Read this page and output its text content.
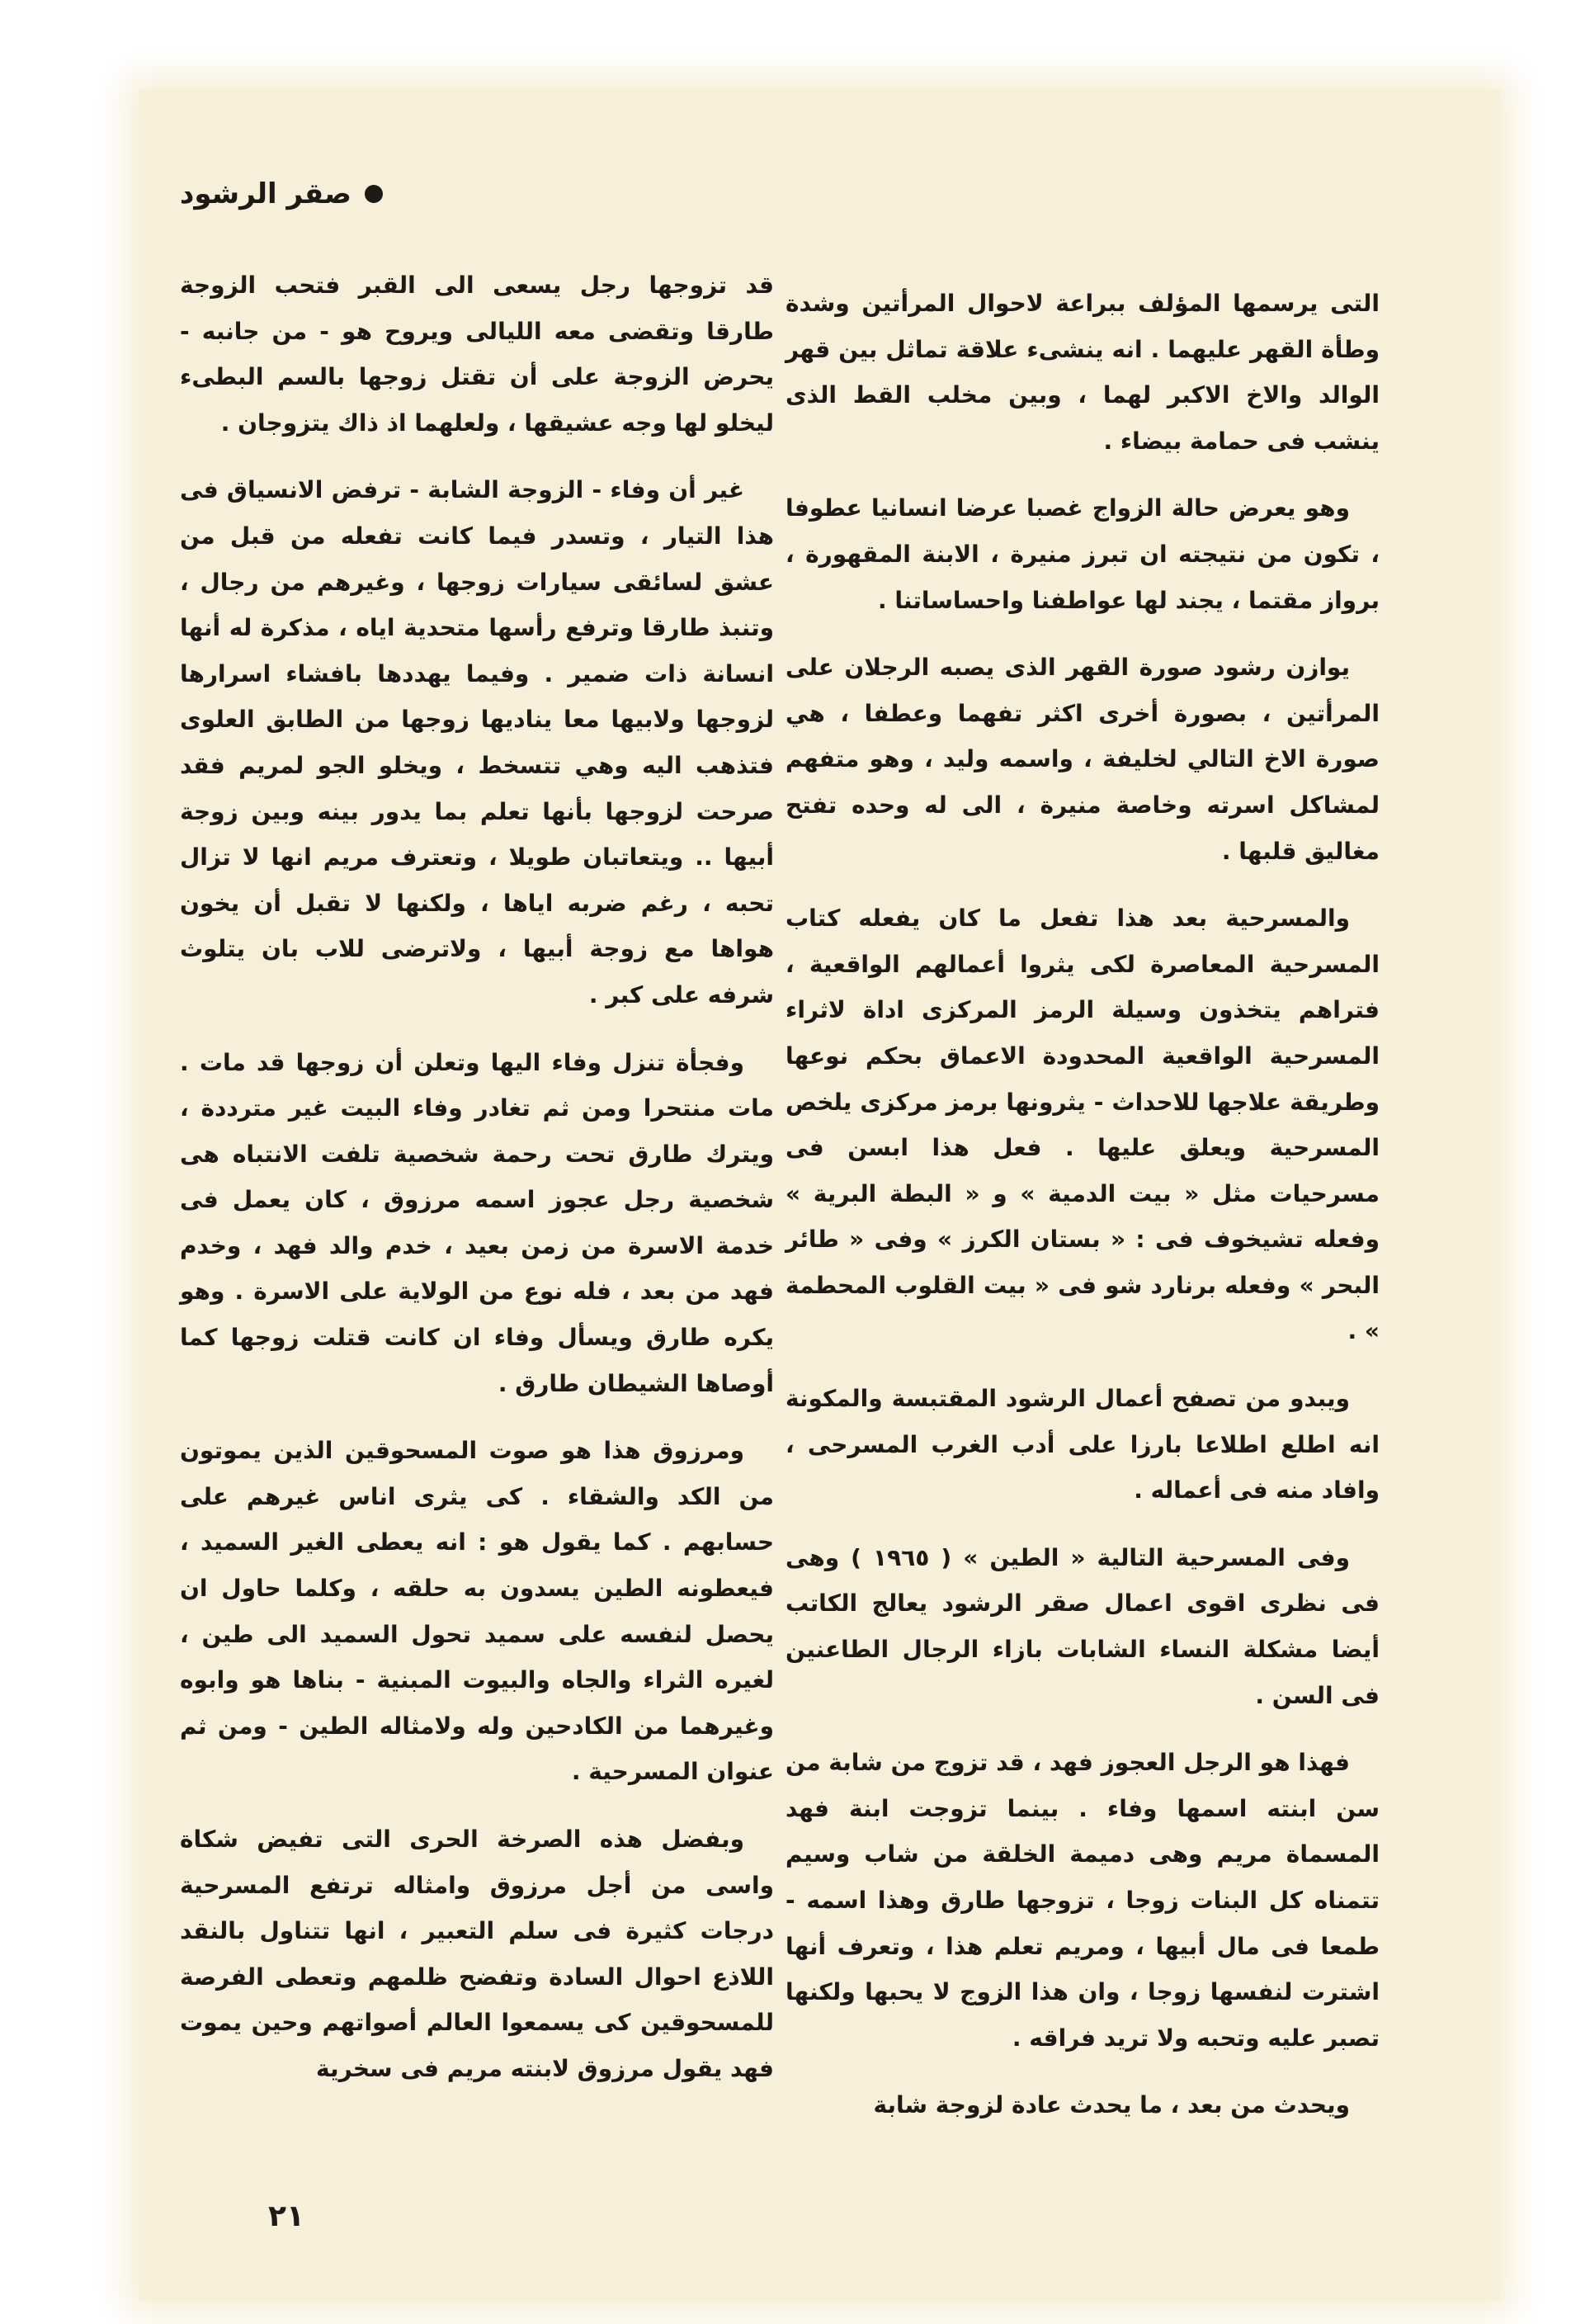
صقر الرشود

التى يرسمها المؤلف ببراعة لاحوال المرأتين وشدة وطأة القهر عليهما . انه ينشىء علاقة تماثل بين قهر الوالد والاخ الاكبر لهما ، وبين مخلب القط الذى ينشب فى حمامة بيضاء .

وهو يعرض حالة الزواج غصبا عرضا انسانيا عطوفا ، تكون من نتيجته ان تبرز منيرة ، الابنة المقهورة ، برواز مقتما ، يجند لها عواطفنا واحساساتنا .

يوازن رشود صورة القهر الذى يصبه الرجلان على المرأتين ، بصورة أخرى اكثر تفهما وعطفا ، هي صورة الاخ التالي لخليفة ، واسمه وليد ، وهو متفهم لمشاكل اسرته وخاصة منيرة ، الى له وحده تفتح مغاليق قلبها .

والمسرحية بعد هذا تفعل ما كان يفعله كتاب المسرحية المعاصرة لكى يثروا أعمالهم الواقعية ، فتراهم يتخذون وسيلة الرمز المركزى اداة لاثراء المسرحية الواقعية المحدودة الاعماق بحكم نوعها وطريقة علاجها للاحداث - يثرونها برمز مركزى يلخص المسرحية ويعلق عليها . فعل هذا ابسن فى مسرحيات مثل « بيت الدمية » و « البطة البرية » وفعله تشيخوف فى : « بستان الكرز » وفى « طائر البحر » وفعله برنارد شو فى « بيت القلوب المحطمة » .

ويبدو من تصفح أعمال الرشود المقتبسة والمكونة انه اطلع اطلاعا بارزا على أدب الغرب المسرحى ، وافاد منه فى أعماله .

وفى المسرحية التالية « الطين » ( ١٩٦٥ ) وهى فى نظرى اقوى اعمال صقر الرشود يعالج الكاتب أيضا مشكلة النساء الشابات بازاء الرجال الطاعنين فى السن .

فهذا هو الرجل العجوز فهد ، قد تزوج من شابة من سن ابنته اسمها وفاء . بينما تزوجت ابنة فهد المسماة مريم وهى دميمة الخلقة من شاب وسيم تتمناه كل البنات زوجا ، تزوجها طارق وهذا اسمه - طمعا فى مال أبيها ، ومريم تعلم هذا ، وتعرف أنها اشترت لنفسها زوجا ، وان هذا الزوج لا يحبها ولكنها تصبر عليه وتحبه ولا تريد فراقه .

ويحدث من بعد ، ما يحدث عادة لزوجة شابة

قد تزوجها رجل يسعى الى القبر فتحب الزوجة طارقا وتقضى معه الليالى ويروح هو - من جانبه - يحرض الزوجة على أن تقتل زوجها بالسم البطىء ليخلو لها وجه عشيقها ، ولعلهما اذ ذاك يتزوجان .

غير أن وفاء - الزوجة الشابة - ترفض الانسياق فى هذا التيار ، وتسدر فيما كانت تفعله من قبل من عشق لسائقى سيارات زوجها ، وغيرهم من رجال ، وتنبذ طارقا وترفع رأسها متحدية اياه ، مذكرة له أنها انسانة ذات ضمير . وفيما يهددها بافشاء اسرارها لزوجها ولابيها معا يناديها زوجها من الطابق العلوى فتذهب اليه وهي تتسخط ، ويخلو الجو لمريم فقد صرحت لزوجها بأنها تعلم بما يدور بينه وبين زوجة أبيها .. ويتعاتبان طويلا ، وتعترف مريم انها لا تزال تحبه ، رغم ضربه اياها ، ولكنها لا تقبل أن يخون هواها مع زوجة أبيها ، ولاترضى للاب بان يتلوث شرفه على كبر .

وفجأة تنزل وفاء اليها وتعلن أن زوجها قد مات . مات منتحرا ومن ثم تغادر وفاء البيت غير مترددة ، ويترك طارق تحت رحمة شخصية تلفت الانتباه هى شخصية رجل عجوز اسمه مرزوق ، كان يعمل فى خدمة الاسرة من زمن بعيد ، خدم والد فهد ، وخدم فهد من بعد ، فله نوع من الولاية على الاسرة . وهو يكره طارق ويسأل وفاء ان كانت قتلت زوجها كما أوصاها الشيطان طارق .

ومرزوق هذا هو صوت المسحوقين الذين يموتون من الكد والشقاء . كى يثرى اناس غيرهم على حسابهم . كما يقول هو : انه يعطى الغير السميد ، فيعطونه الطين يسدون به حلقه ، وكلما حاول ان يحصل لنفسه على سميد تحول السميد الى طين ، لغيره الثراء والجاه والبيوت المبنية - بناها هو وابوه وغيرهما من الكادحين وله ولامثاله الطين - ومن ثم عنوان المسرحية .

وبفضل هذه الصرخة الحرى التى تفيض شكاة واسى من أجل مرزوق وامثاله ترتفع المسرحية درجات كثيرة فى سلم التعبير ، انها تتناول بالنقد اللاذع احوال السادة وتفضح ظلمهم وتعطى الفرصة للمسحوقين كى يسمعوا العالم أصواتهم وحين يموت فهد يقول مرزوق لابنته مريم فى سخرية

٢١
